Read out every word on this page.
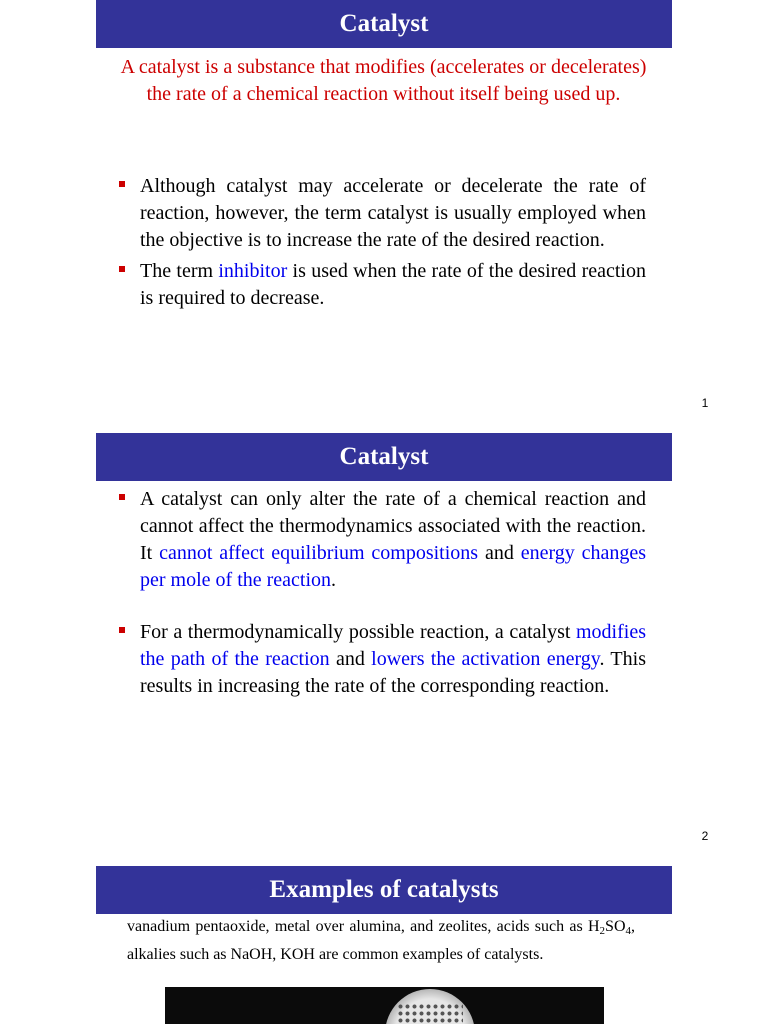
Catalyst
A catalyst is a substance that modifies (accelerates or decelerates) the rate of a chemical reaction without itself being used up.
Although catalyst may accelerate or decelerate the rate of reaction, however, the term catalyst is usually employed when the objective is to increase the rate of the desired reaction.
The term inhibitor is used when the rate of the desired reaction is required to decrease.
1
Catalyst
A catalyst can only alter the rate of a chemical reaction and cannot affect the thermodynamics associated with the reaction. It cannot affect equilibrium compositions and energy changes per mole of the reaction.
For a thermodynamically possible reaction, a catalyst modifies the path of the reaction and lowers the activation energy. This results in increasing the rate of the corresponding reaction.
2
Examples of catalysts
vanadium pentaoxide, metal over alumina, and zeolites, acids such as $H_2SO_4$, alkalies such as NaOH, KOH are common examples of catalysts.
